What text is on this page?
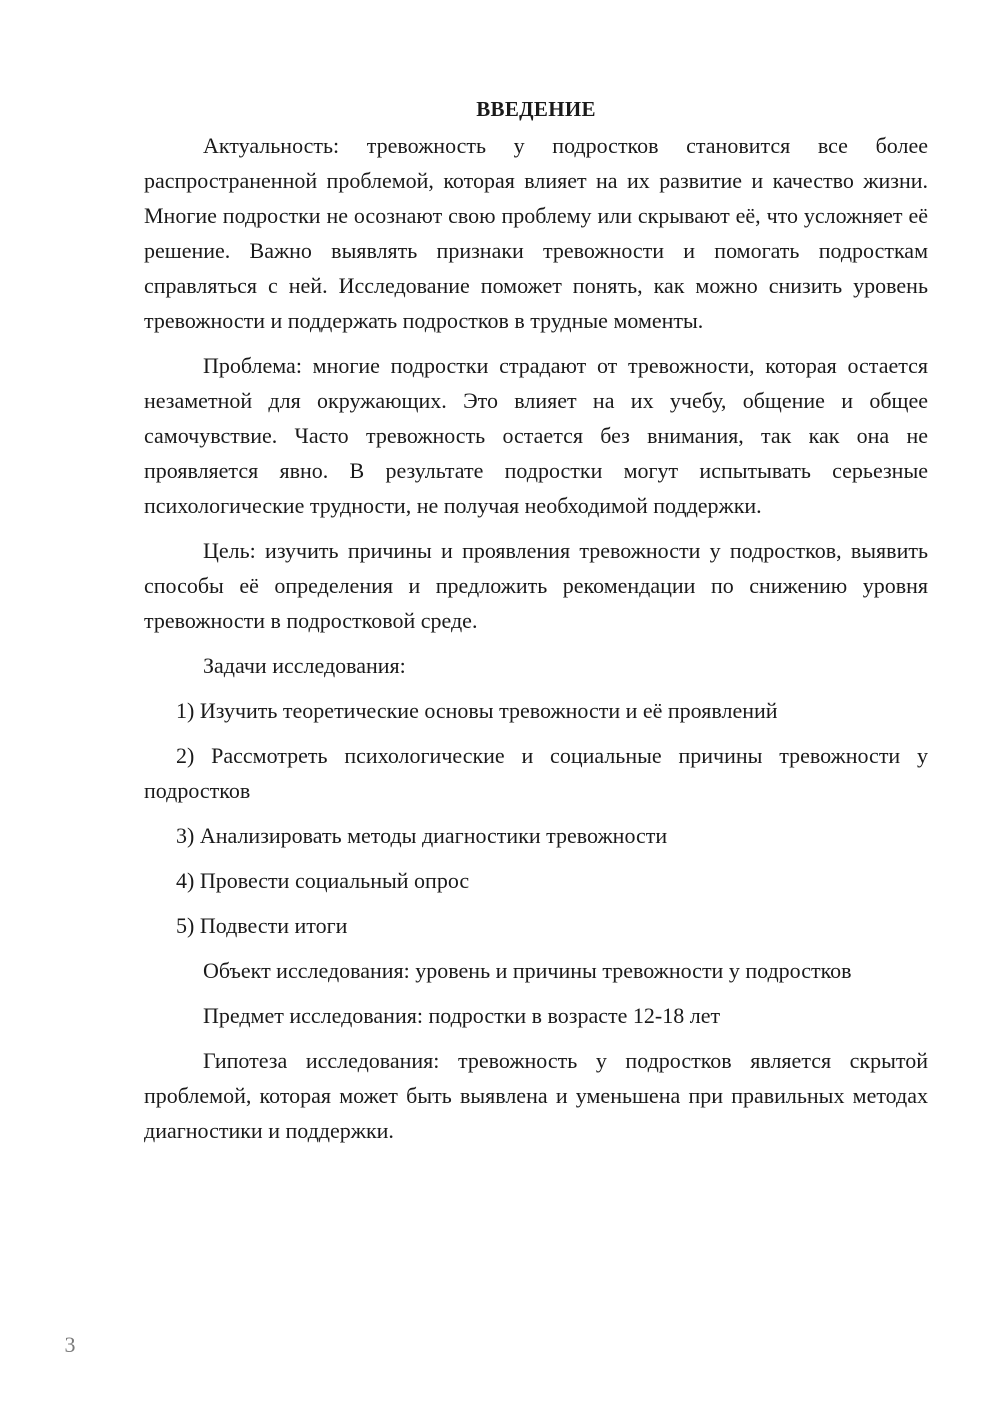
ВВЕДЕНИЕ

Актуальность: тревожность у подростков становится все более распространенной проблемой, которая влияет на их развитие и качество жизни. Многие подростки не осознают свою проблему или скрывают её, что усложняет её решение. Важно выявлять признаки тревожности и помогать подросткам справляться с ней. Исследование поможет понять, как можно снизить уровень тревожности и поддержать подростков в трудные моменты.

Проблема: многие подростки страдают от тревожности, которая остается незаметной для окружающих. Это влияет на их учебу, общение и общее самочувствие. Часто тревожность остается без внимания, так как она не проявляется явно. В результате подростки могут испытывать серьезные психологические трудности, не получая необходимой поддержки.

Цель: изучить причины и проявления тревожности у подростков, выявить способы её определения и предложить рекомендации по снижению уровня тревожности в подростковой среде.

Задачи исследования:

1) Изучить теоретические основы тревожности и её проявлений

2) Рассмотреть психологические и социальные причины тревожности у подростков

3) Анализировать методы диагностики тревожности

4) Провести социальный опрос

5) Подвести итоги

Объект исследования: уровень и причины тревожности у подростков

Предмет исследования: подростки в возрасте 12-18 лет

Гипотеза исследования: тревожность у подростков является скрытой проблемой, которая может быть выявлена и уменьшена при правильных методах диагностики и поддержки.

3
